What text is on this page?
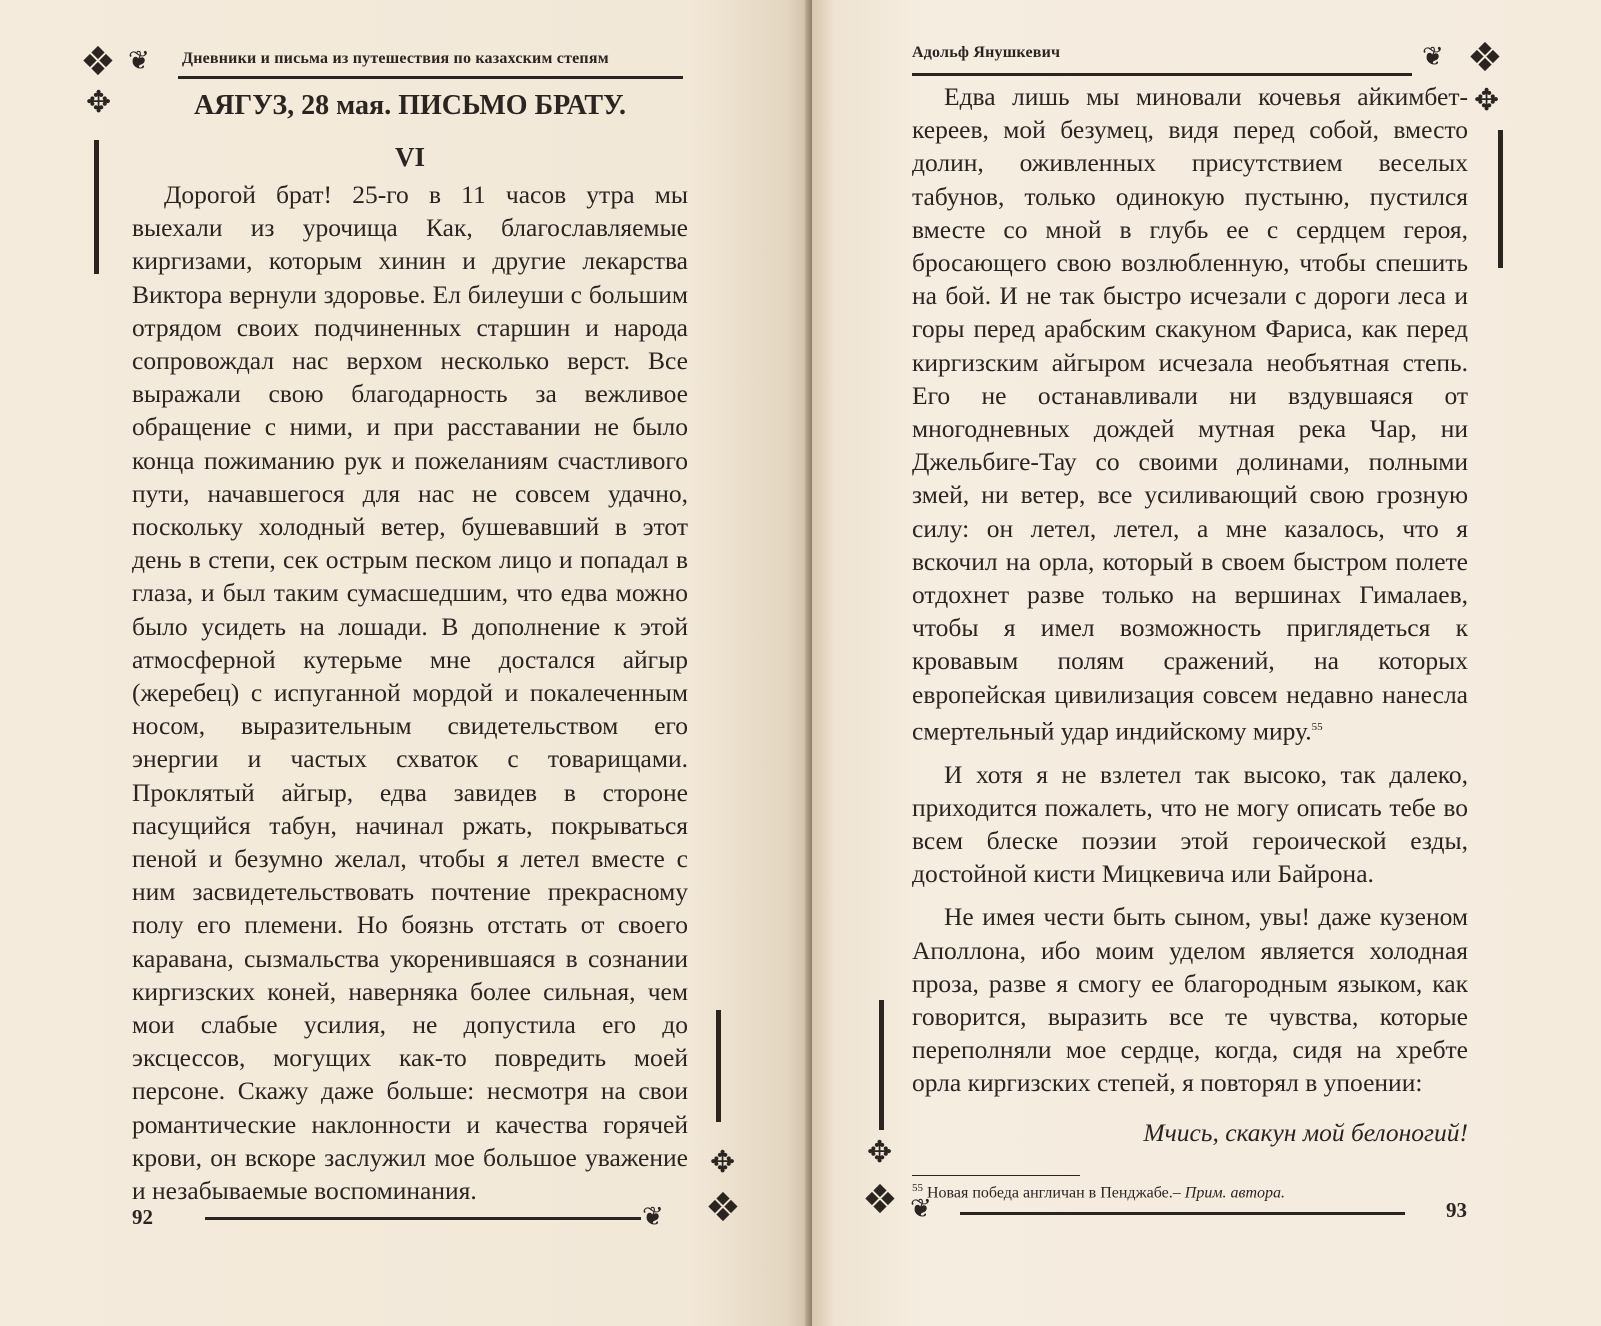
❖ ❦
✥
Дневники и письма из путешествия по казахским степям
АЯГУЗ, 28 мая. ПИСЬМО БРАТУ.
VI

Дорогой брат! 25-го в 11 часов утра мы выехали из урочища Как, благославляемые киргизами, которым хинин и другие лекарства Виктора вернули здоровье. Ел билеуши с большим отрядом своих подчиненных старшин и народа сопровождал нас верхом несколько верст. Все выражали свою благодарность за вежливое обращение с ними, и при расставании не было конца пожиманию рук и пожеланиям счастливого пути, начавшегося для нас не совсем удачно, поскольку холодный ветер, бушевавший в этот день в степи, сек острым песком лицо и попадал в глаза, и был таким сумасшедшим, что едва можно было усидеть на лошади. В дополнение к этой атмосферной кутерьме мне достался айгыр (жеребец) с испуганной мордой и покалеченным носом, выразительным свидетельством его энергии и частых схваток с товарищами. Проклятый айгыр, едва завидев в стороне пасущийся табун, начинал ржать, покрываться пеной и безумно желал, чтобы я летел вместе с ним засвидетельствовать почтение прекрасному полу его племени. Но боязнь отстать от своего каравана, сызмальства укоренившаяся в сознании киргизских коней, наверняка более сильная, чем мои слабые усилия, не допустила его до эксцессов, могущих как-то повредить моей персоне. Скажу даже больше: несмотря на свои романтические наклонности и качества горячей крови, он вскоре заслужил мое большое уважение и незабываемые воспоминания.	❖
❦
✥
92
Адольф Янушкевич	❦ ❖
✥
✥
❖ ❦	93

Едва лишь мы миновали кочевья айкимбет-кереев, мой безумец, видя перед собой, вместо долин, оживленных присутствием веселых табунов, только одинокую пустыню, пустился вместе со мной в глубь ее с сердцем героя, бросающего свою возлюбленную, чтобы спешить на бой. И не так быстро исчезали с дороги леса и горы перед арабским скакуном Фариса, как перед киргизским айгыром исчезала необъятная степь. Его не останавливали ни вздувшаяся от многодневных дождей мутная река Чар, ни Джельбиге-Тау со своими долинами, полными змей, ни ветер, все усиливающий свою грозную силу: он летел, летел, а мне казалось, что я вскочил на орла, который в своем быстром полете отдохнет разве только на вершинах Гималаев, чтобы я имел возможность приглядеться к кровавым полям сражений, на которых европейская цивилизация совсем недавно нанесла смертельный удар индийскому миру.$^{55}$

И хотя я не взлетел так высоко, так далеко, приходится пожалеть, что не могу описать тебе во всем блеске поэзии этой героической езды, достойной кисти Мицкевича или Байрона.

Не имея чести быть сыном, увы! даже кузеном Аполлона, ибо моим уделом является холодная проза, разве я смогу ее благородным языком, как говорится, выразить все те чувства, которые переполняли мое сердце, когда, сидя на хребте орла киргизских степей, я повторял в упоении:

Мчись, скакун мой белоногий!
$^{55}$ Новая победа англичан в Пенджабе.– Прим. автора.
